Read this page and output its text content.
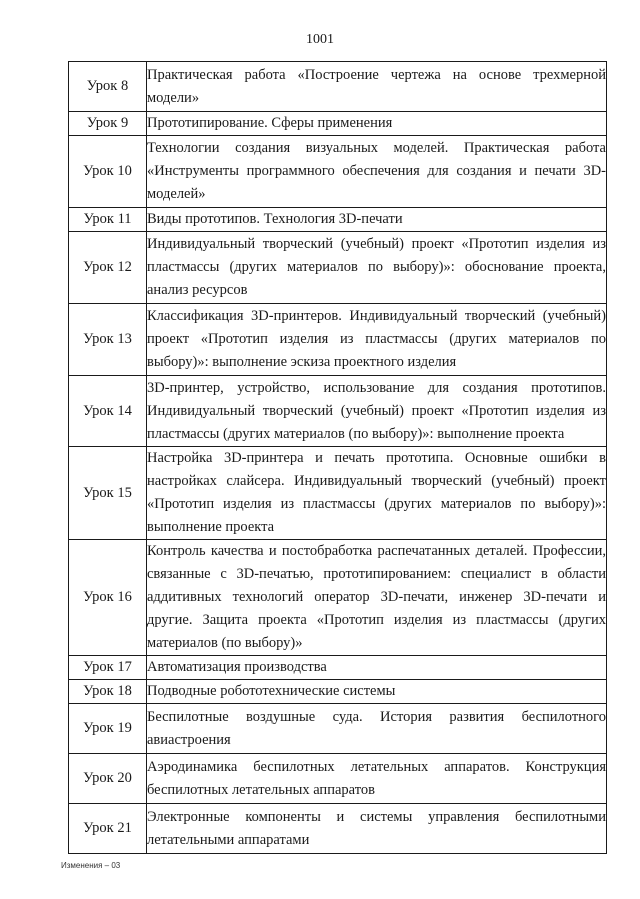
1001
Урок 8	Практическая работа «Построение чертежа на основе трехмерной модели»
Урок 9	Прототипирование. Сферы применения
Урок 10	Технологии создания визуальных моделей. Практическая работа «Инструменты программного обеспечения для создания и печати 3D-моделей»
Урок 11	Виды прототипов. Технология 3D-печати
Урок 12	Индивидуальный творческий (учебный) проект «Прототип изделия из пластмассы (других материалов по выбору)»: обоснование проекта, анализ ресурсов
Урок 13	Классификация 3D-принтеров. Индивидуальный творческий (учебный) проект «Прототип изделия из пластмассы (других материалов по выбору)»: выполнение эскиза проектного изделия
Урок 14	3D-принтер, устройство, использование для создания прототипов. Индивидуальный творческий (учебный) проект «Прототип изделия из пластмассы (других материалов (по выбору)»: выполнение проекта
Урок 15	Настройка 3D-принтера и печать прототипа. Основные ошибки в настройках слайсера. Индивидуальный творческий (учебный) проект «Прототип изделия из пластмассы (других материалов по выбору)»: выполнение проекта
Урок 16	Контроль качества и постобработка распечатанных деталей. Профессии, связанные с 3D-печатью, прототипированием: специалист в области аддитивных технологий оператор 3D-печати, инженер 3D-печати и другие. Защита проекта «Прототип изделия из пластмассы (других материалов (по выбору)»
Урок 17	Автоматизация производства
Урок 18	Подводные робототехнические системы
Урок 19	Беспилотные воздушные суда. История развития беспилотного авиастроения
Урок 20	Аэродинамика беспилотных летательных аппаратов. Конструкция беспилотных летательных аппаратов
Урок 21	Электронные компоненты и системы управления беспилотными летательными аппаратами
Изменения – 03
